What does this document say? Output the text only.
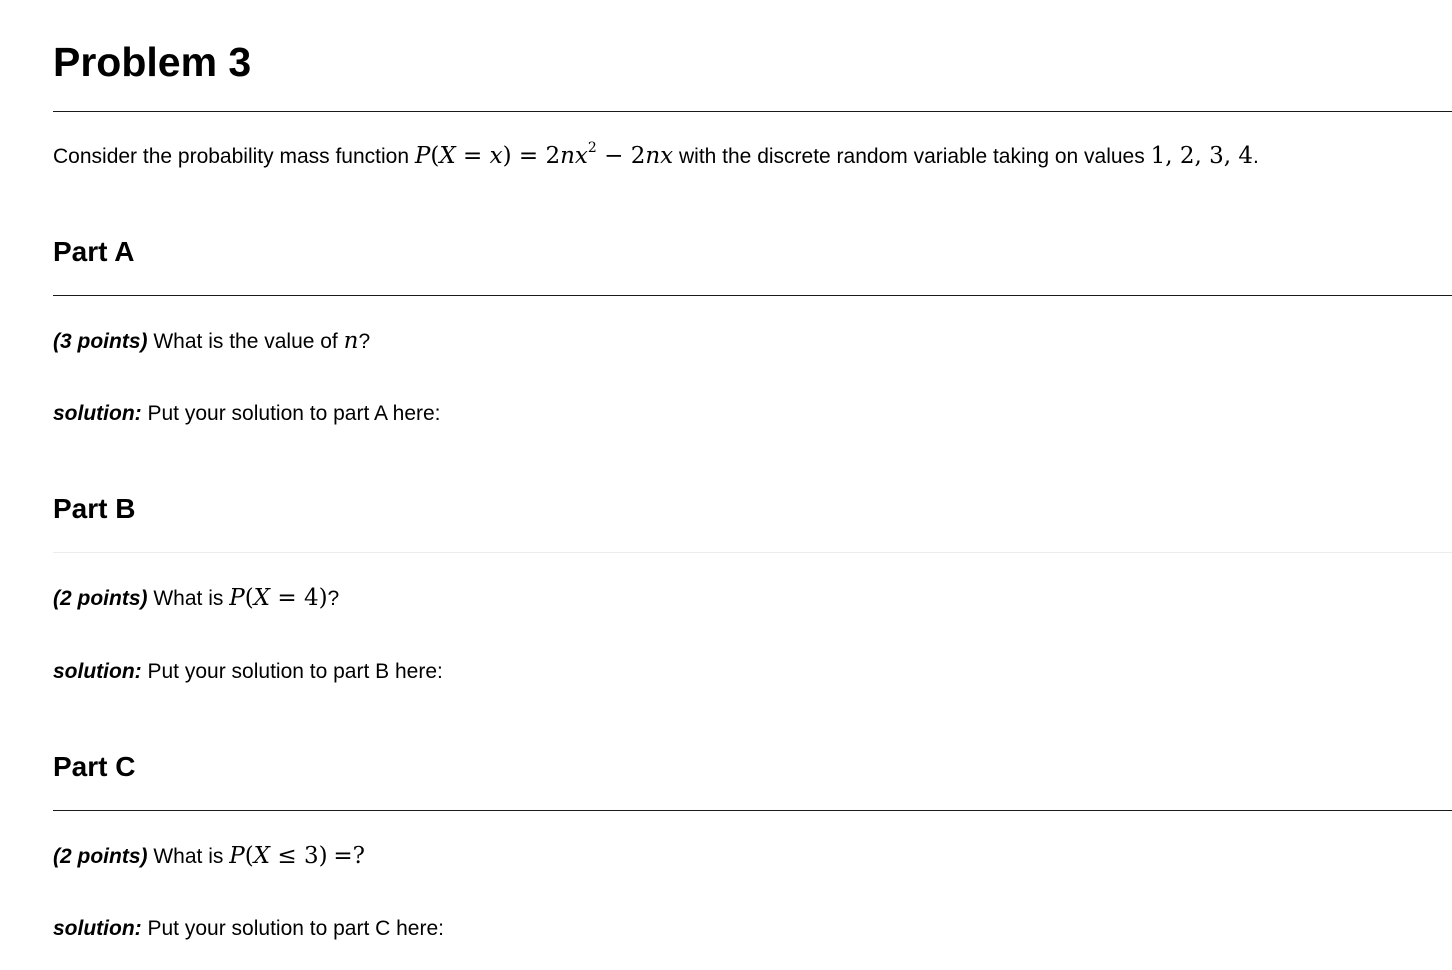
Problem 3
Consider the probability mass function $P(X = x) = 2nx^2 - 2nx$ with the discrete random variable taking on values 1, 2, 3, 4.
Part A
(3 points) What is the value of n?
solution: Put your solution to part A here:
Part B
(2 points) What is P(X = 4)?
solution: Put your solution to part B here:
Part C
(2 points) What is P(X ≤ 3) =?
solution: Put your solution to part C here:
